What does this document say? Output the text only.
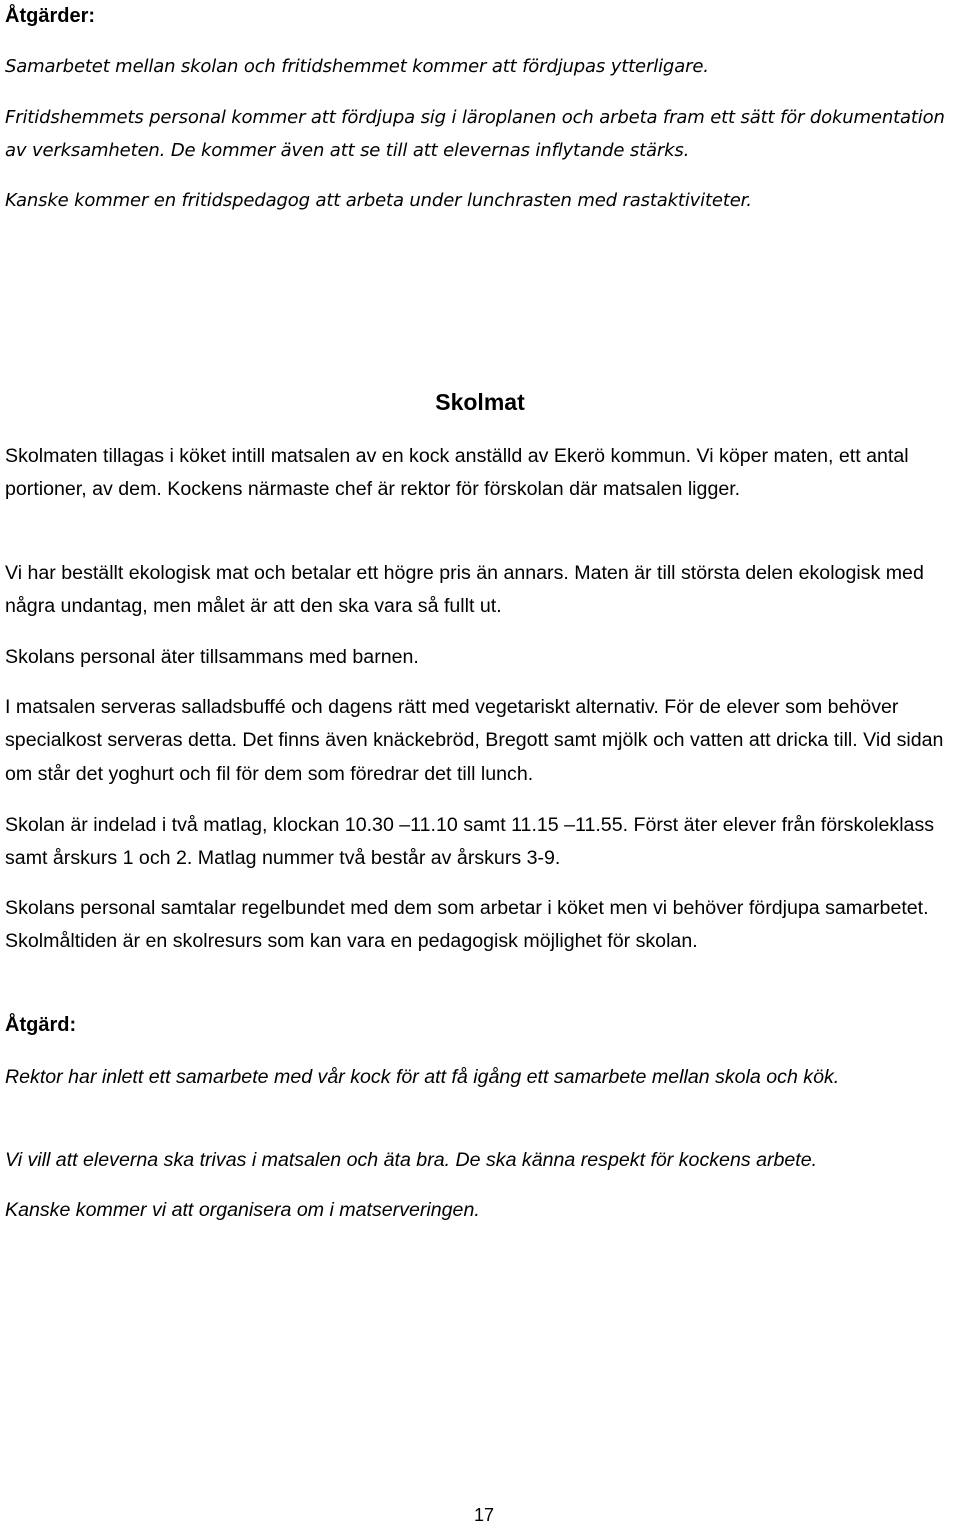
Åtgärder:

Samarbetet mellan skolan och fritidshemmet kommer att fördjupas ytterligare.

Fritidshemmets personal kommer att fördjupa sig i läroplanen och arbeta fram ett sätt för dokumentation av verksamheten. De kommer även att se till att elevernas inflytande stärks.

Kanske kommer en fritidspedagog att arbeta under lunchrasten med rastaktiviteter.

Skolmat

Skolmaten tillagas i köket intill matsalen av en kock anställd av Ekerö kommun. Vi köper maten, ett antal portioner, av dem. Kockens närmaste chef är rektor för förskolan där matsalen ligger.

Vi har beställt ekologisk mat och betalar ett högre pris än annars. Maten är till största delen ekologisk med några undantag, men målet är att den ska vara så fullt ut.

Skolans personal äter tillsammans med barnen.

I matsalen serveras salladsbuffé och dagens rätt med vegetariskt alternativ. För de elever som behöver specialkost serveras detta. Det finns även knäckebröd, Bregott samt mjölk och vatten att dricka till. Vid sidan om står det yoghurt och fil för dem som föredrar det till lunch.

Skolan är indelad i två matlag, klockan 10.30 –11.10 samt 11.15 –11.55. Först äter elever från förskoleklass samt årskurs 1 och 2. Matlag nummer två består av årskurs 3-9.

Skolans personal samtalar regelbundet med dem som arbetar i köket men vi behöver fördjupa samarbetet. Skolmåltiden är en skolresurs som kan vara en pedagogisk möjlighet för skolan.

Åtgärd:

Rektor har inlett ett samarbete med vår kock för att få igång ett samarbete mellan skola och kök.

Vi vill att eleverna ska trivas i matsalen och äta bra. De ska känna respekt för kockens arbete.

Kanske kommer vi att organisera om i matserveringen.

17
